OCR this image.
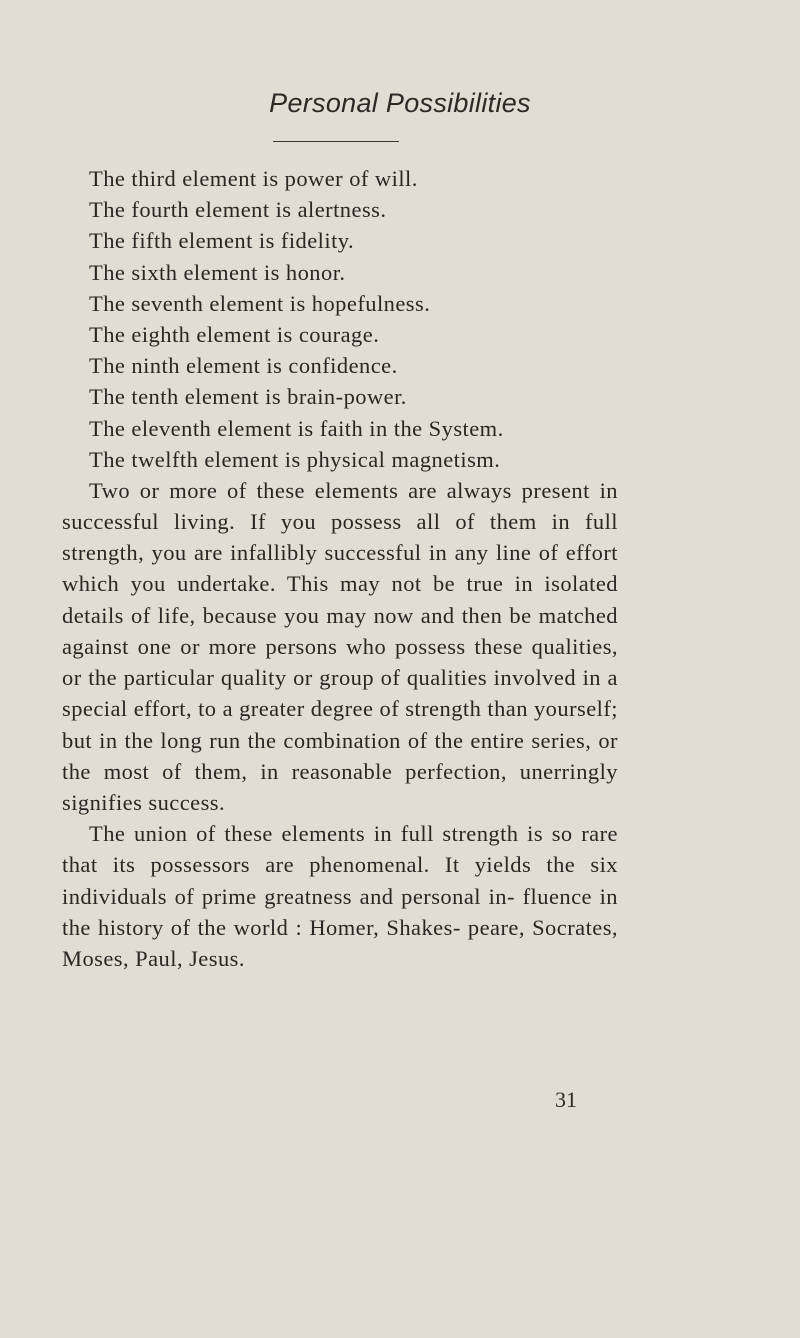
Personal Possibilities
The third element is power of will.
The fourth element is alertness.
The fifth element is fidelity.
The sixth element is honor.
The seventh element is hopefulness.
The eighth element is courage.
The ninth element is confidence.
The tenth element is brain-power.
The eleventh element is faith in the System.
The twelfth element is physical magnetism.

Two or more of these elements are always present in successful living. If you possess all of them in full strength, you are infallibly successful in any line of effort which you undertake. This may not be true in isolated details of life, because you may now and then be matched against one or more persons who possess these qualities, or the particular quality or group of qualities involved in a special effort, to a greater degree of strength than yourself; but in the long run the combination of the entire series, or the most of them, in reasonable perfection, unerringly signifies success.

The union of these elements in full strength is so rare that its possessors are phenomenal. It yields the six individuals of prime greatness and personal in- fluence in the history of the world : Homer, Shakes- peare, Socrates, Moses, Paul, Jesus.

31
